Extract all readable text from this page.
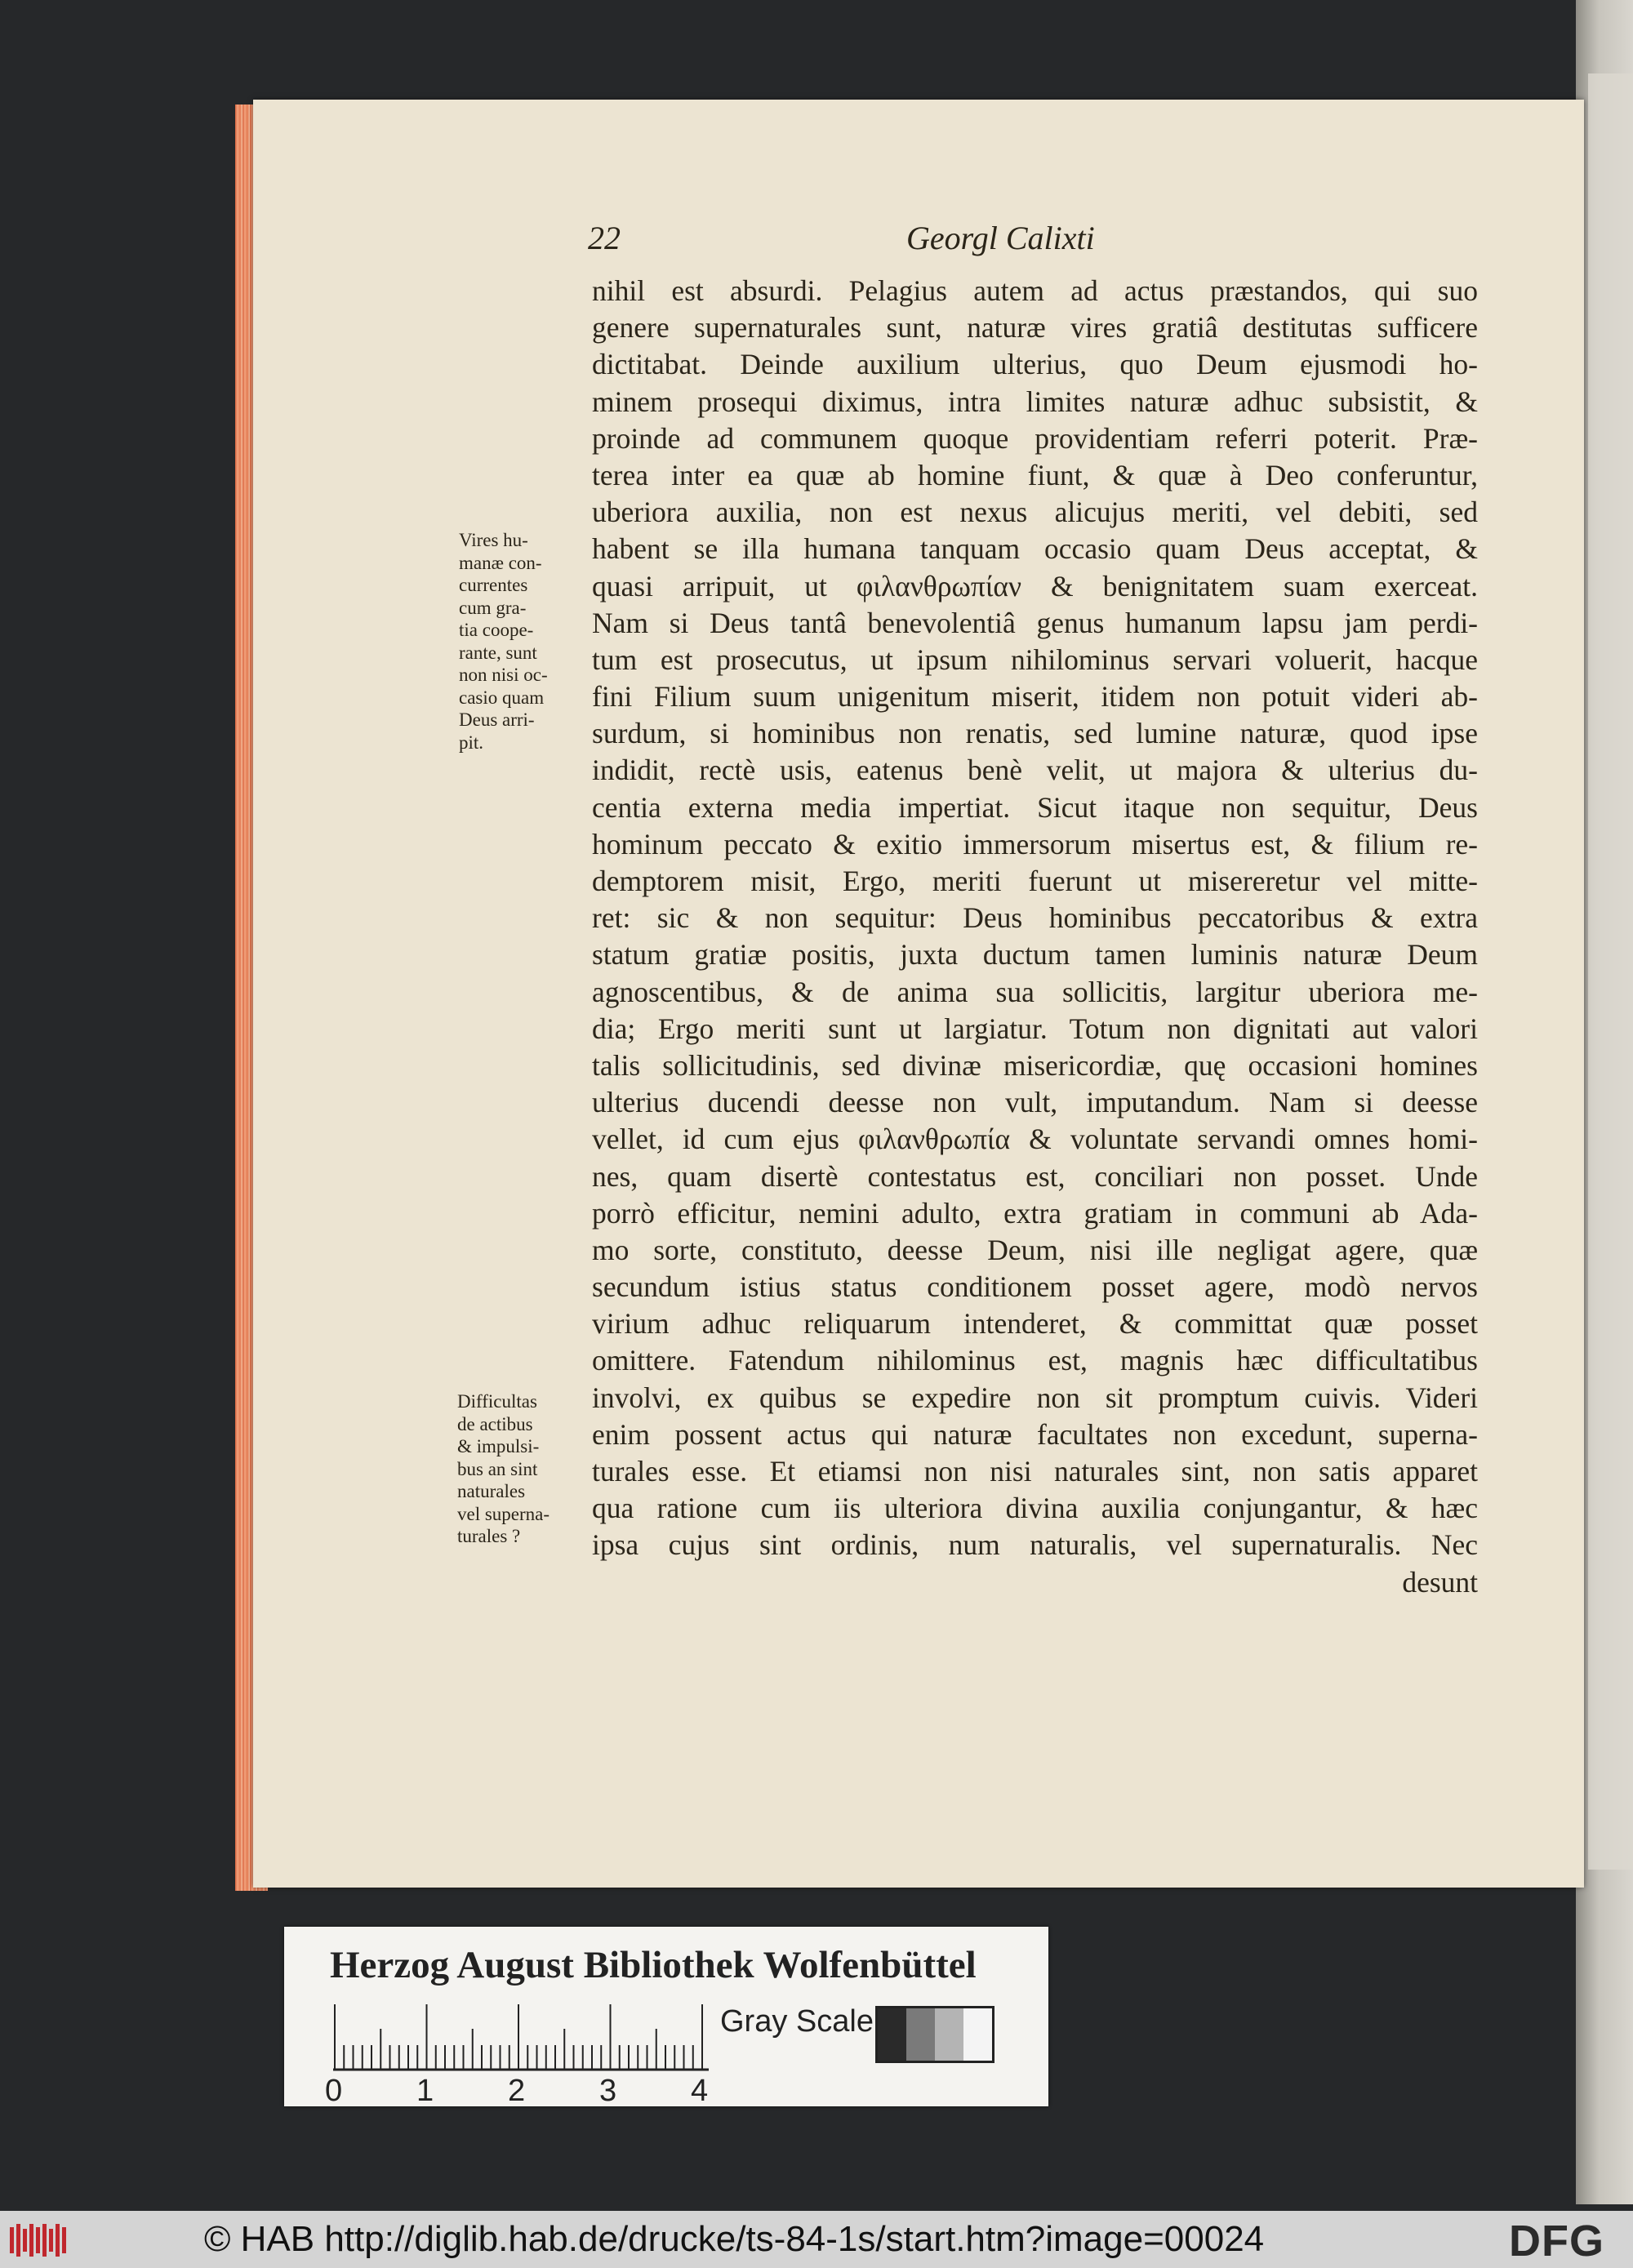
22	Georgl Calixti
nihil est absurdi. Pelagius autem ad actus præstandos, qui suo
genere supernaturales sunt, naturæ vires gratiâ destitutas sufficere
dictitabat. Deinde auxilium ulterius, quo Deum ejusmodi ho-
minem prosequi diximus, intra limites naturæ adhuc subsistit, &
proinde ad communem quoque providentiam referri poterit. Præ-
terea inter ea quæ ab homine fiunt, & quæ à Deo conferuntur,
uberiora auxilia, non est nexus alicujus meriti, vel debiti, sed
habent se illa humana tanquam occasio quam Deus acceptat, &
quasi arripuit, ut φιλανθρωπίαν & benignitatem suam exerceat.
Nam si Deus tantâ benevolentiâ genus humanum lapsu jam perdi-
tum est prosecutus, ut ipsum nihilominus servari voluerit, hacque
fini Filium suum unigenitum miserit, itidem non potuit videri ab-
surdum, si hominibus non renatis, sed lumine naturæ, quod ipse
indidit, rectè usis, eatenus benè velit, ut majora & ulterius du-
centia externa media impertiat. Sicut itaque non sequitur, Deus
hominum peccato & exitio immersorum misertus est, & filium re-
demptorem misit, Ergo, meriti fuerunt ut misereretur vel mitte-
ret: sic & non sequitur: Deus hominibus peccatoribus & extra
statum gratiæ positis, juxta ductum tamen luminis naturæ Deum
agnoscentibus, & de anima sua sollicitis, largitur uberiora me-
dia; Ergo meriti sunt ut largiatur. Totum non dignitati aut valori
talis sollicitudinis, sed divinæ misericordiæ, quę occasioni homines
ulterius ducendi deesse non vult, imputandum. Nam si deesse
vellet, id cum ejus φιλανθρωπία & voluntate servandi omnes homi-
nes, quam disertè contestatus est, conciliari non posset. Unde
porrò efficitur, nemini adulto, extra gratiam in communi ab Ada-
mo sorte, constituto, deesse Deum, nisi ille negligat agere, quæ
secundum istius status conditionem posset agere, modò nervos
virium adhuc reliquarum intenderet, & committat quæ posset
omittere. Fatendum nihilominus est, magnis hæc difficultatibus
involvi, ex quibus se expedire non sit promptum cuivis. Videri
enim possent actus qui naturæ facultates non excedunt, superna-
turales esse. Et etiamsi non nisi naturales sint, non satis apparet
qua ratione cum iis ulteriora divina auxilia conjungantur, & hæc
ipsa cujus sint ordinis, num naturalis, vel supernaturalis. Nec
desunt
Vires hu-
manæ con-
currentes
cum gra-
tia coope-
rante, sunt
non nisi oc-
casio quam
Deus arri-
pit.
Difficultas
de actibus
& impulsi-
bus an sint
naturales
vel superna-
turales ?
Herzog August Bibliothek Wolfenbüttel
0 1 2 3 4
Gray Scale
© HAB http://diglib.hab.de/drucke/ts-84-1s/start.htm?image=00024	DFG
